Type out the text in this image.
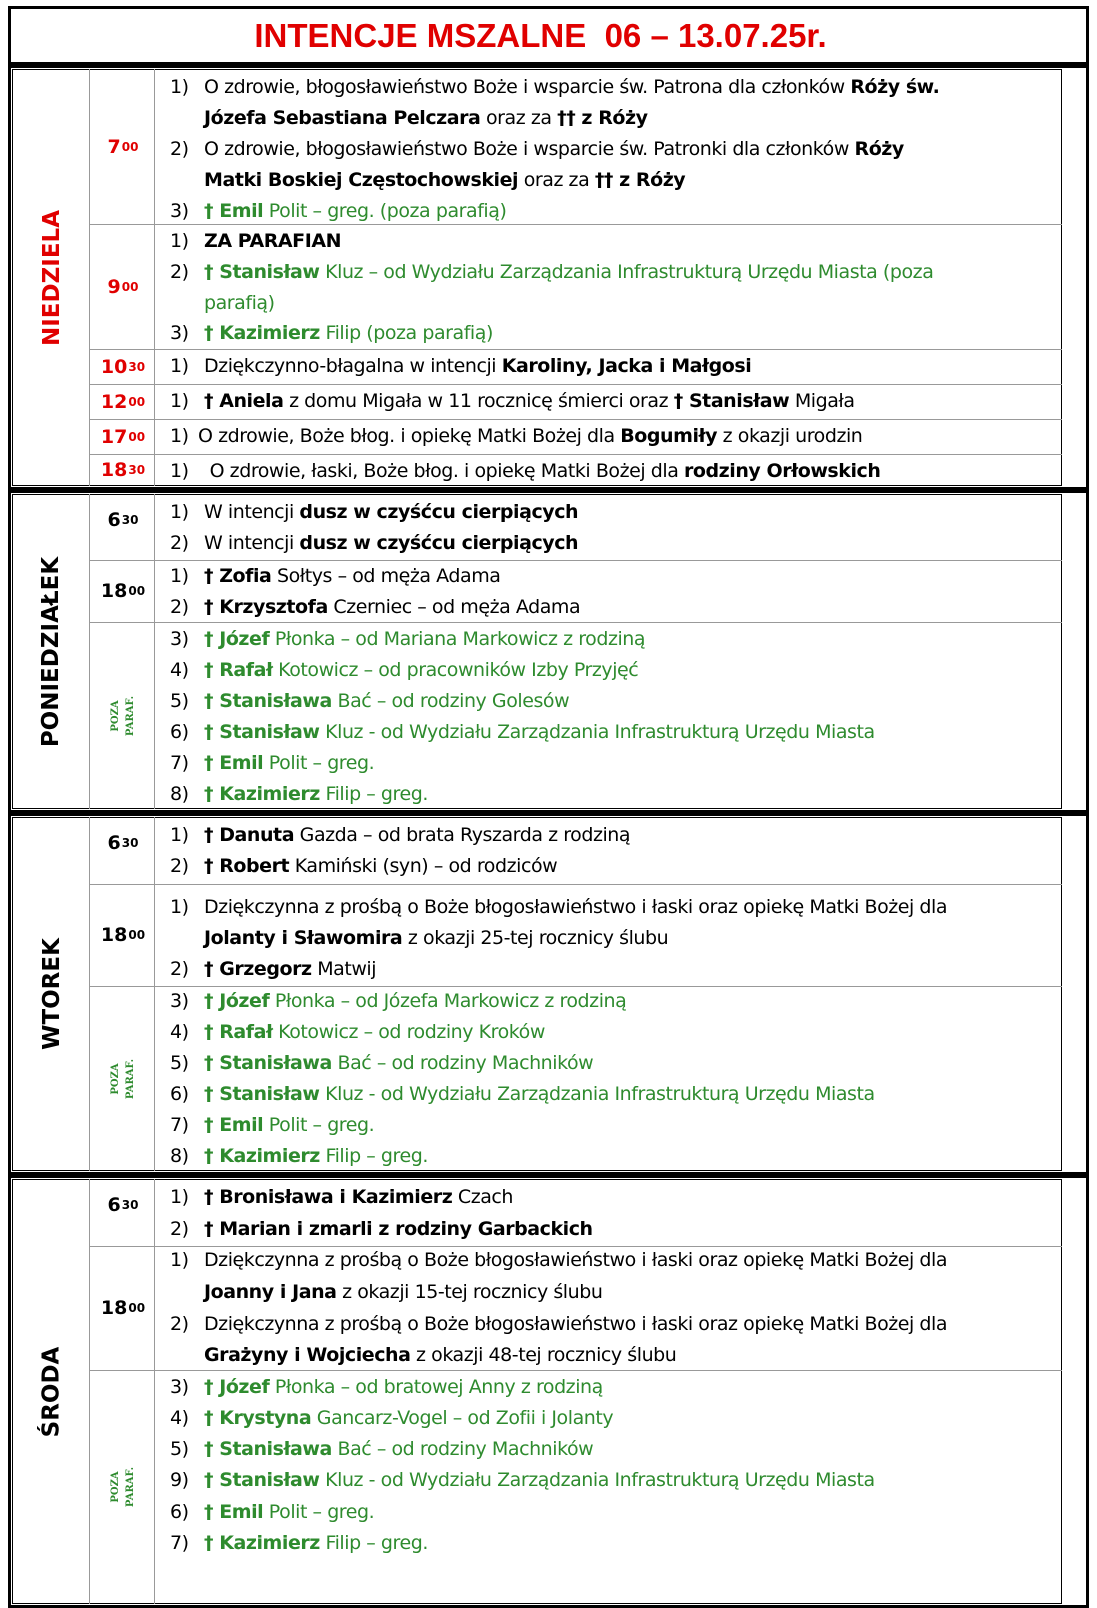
INTENCJE MSZALNE  06 – 13.07.25r.
NIEDZIELA
PONIEDZIAŁEK
WTOREK
ŚRODA
7 00
9 00
10 30
12 00
17 00
18 30
6 30
18 00
6 30
18 00
6 30
18 00
POZA
PARAF.
POZA
PARAF.
POZA
PARAF.
1) O zdrowie, błogosławieństwo Boże i wsparcie św. Patrona dla członków Róży św.
Józefa Sebastiana Pelczara oraz za †† z Róży
2) O zdrowie, błogosławieństwo Boże i wsparcie św. Patronki dla członków Róży
Matki Boskiej Częstochowskiej oraz za †† z Róży
3) † Emil Polit – greg. (poza parafią)
1) ZA PARAFIAN
2) † Stanisław Kluz – od Wydziału Zarządzania Infrastrukturą Urzędu Miasta (poza
parafią)
3) † Kazimierz Filip (poza parafią)
1) Dziękczynno-błagalna w intencji Karoliny, Jacka i Małgosi
1) † Aniela z domu Migała w 11 rocznicę śmierci oraz † Stanisław Migała
1) O zdrowie, Boże błog. i opiekę Matki Bożej dla Bogumiły z okazji urodzin
1) O zdrowie, łaski, Boże błog. i opiekę Matki Bożej dla rodziny Orłowskich
1) W intencji dusz w czyśćcu cierpiących
2) W intencji dusz w czyśćcu cierpiących
1) † Zofia Sołtys – od męża Adama
2) † Krzysztofa Czerniec – od męża Adama
3) † Józef Płonka – od Mariana Markowicz z rodziną
4) † Rafał Kotowicz – od pracowników Izby Przyjęć
5) † Stanisława Bać – od rodziny Golesów
6) † Stanisław Kluz - od Wydziału Zarządzania Infrastrukturą Urzędu Miasta
7) † Emil Polit – greg.
8) † Kazimierz Filip – greg.
1) † Danuta Gazda – od brata Ryszarda z rodziną
2) † Robert Kamiński (syn) – od rodziców
1) Dziękczynna z prośbą o Boże błogosławieństwo i łaski oraz opiekę Matki Bożej dla
Jolanty i Sławomira z okazji 25-tej rocznicy ślubu
2) † Grzegorz Matwij
3) † Józef Płonka – od Józefa Markowicz z rodziną
4) † Rafał Kotowicz – od rodziny Kroków
5) † Stanisława Bać – od rodziny Machników
6) † Stanisław Kluz - od Wydziału Zarządzania Infrastrukturą Urzędu Miasta
7) † Emil Polit – greg.
8) † Kazimierz Filip – greg.
1) † Bronisława i Kazimierz Czach
2) † Marian i zmarli z rodziny Garbackich
1) Dziękczynna z prośbą o Boże błogosławieństwo i łaski oraz opiekę Matki Bożej dla
Joanny i Jana z okazji 15-tej rocznicy ślubu
2) Dziękczynna z prośbą o Boże błogosławieństwo i łaski oraz opiekę Matki Bożej dla
Grażyny i Wojciecha z okazji 48-tej rocznicy ślubu
3) † Józef Płonka – od bratowej Anny z rodziną
4) † Krystyna Gancarz-Vogel – od Zofii i Jolanty
5) † Stanisława Bać – od rodziny Machników
9) † Stanisław Kluz - od Wydziału Zarządzania Infrastrukturą Urzędu Miasta
6) † Emil Polit – greg.
7) † Kazimierz Filip – greg.
